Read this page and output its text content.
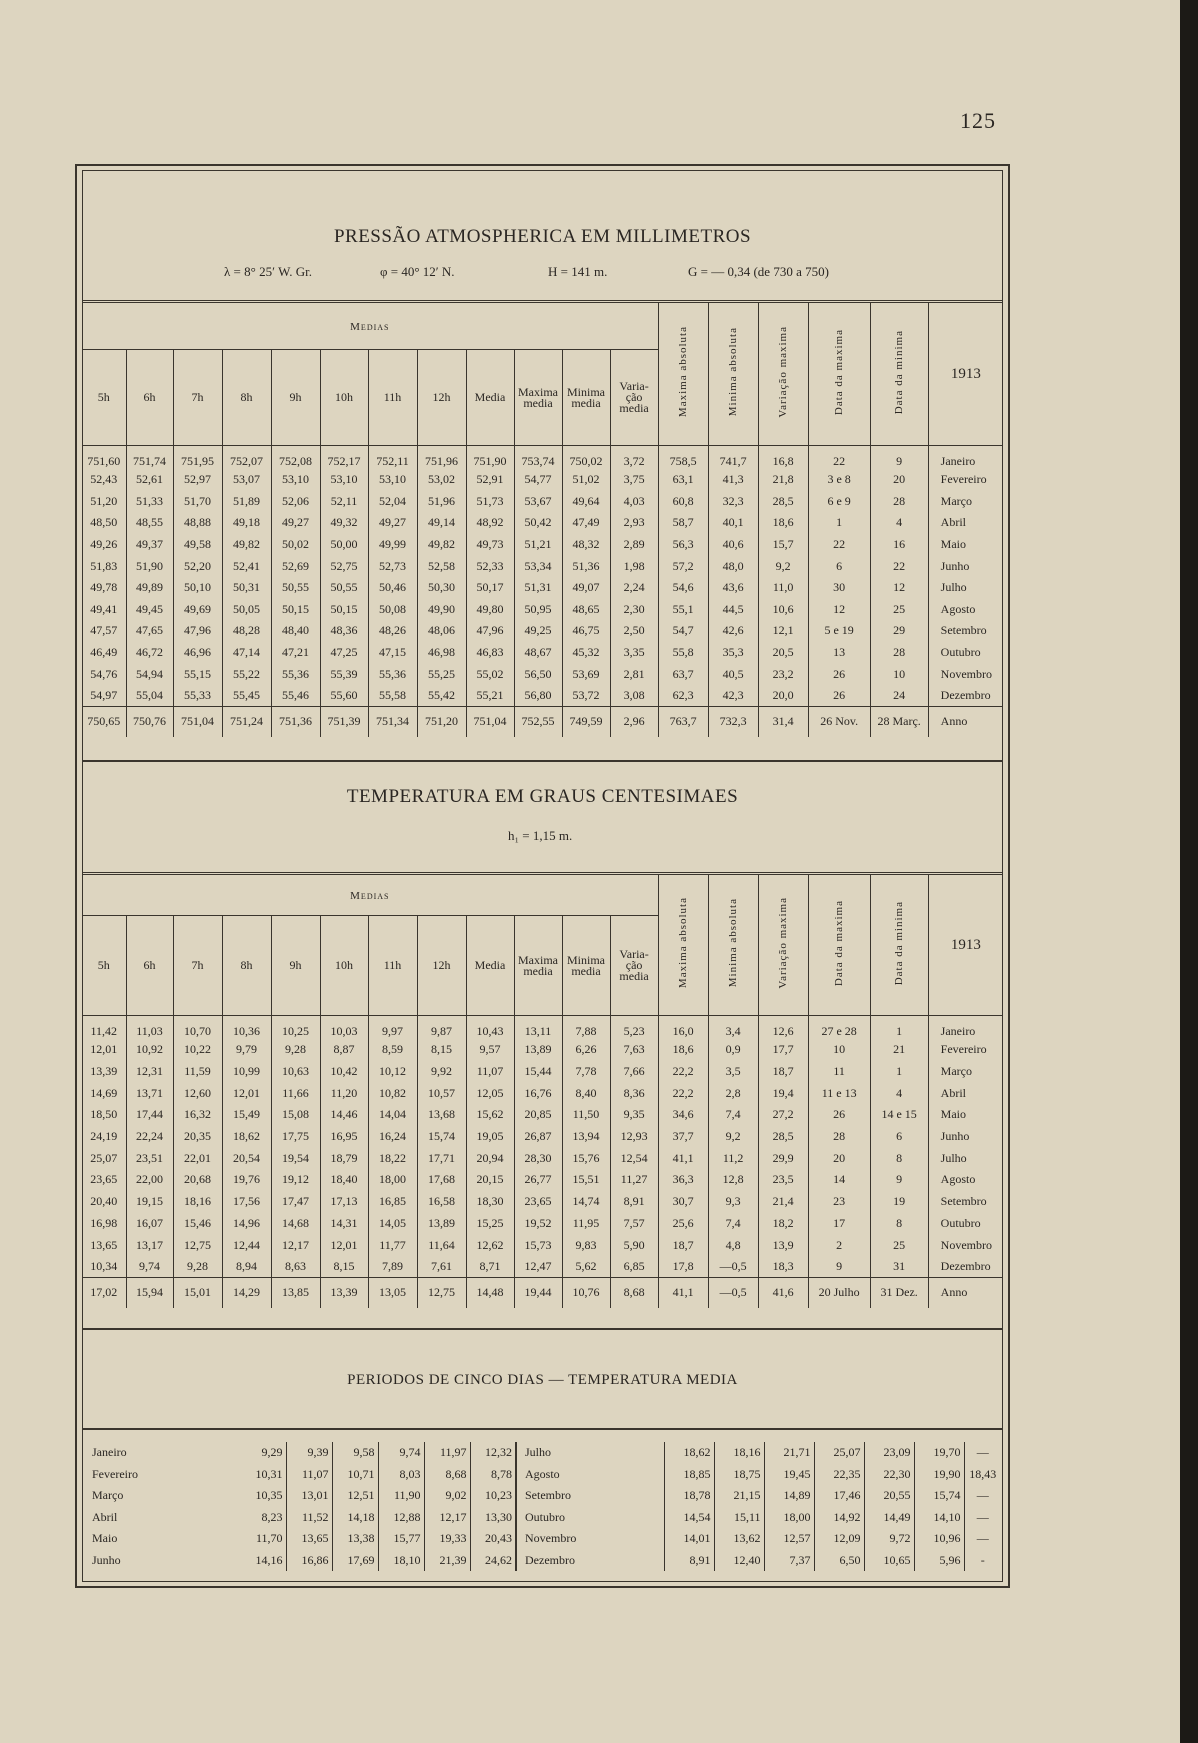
125
PRESSÃO ATMOSPHERICA EM MILLIMETROS
λ = 8° 25′ W. Gr.	φ = 40° 12′ N.	H = 141 m.	G = — 0,34 (de 730 a 750)
Medias												Maxima absoluta	Minima absoluta	Variação maxima	Data da maxima	Data da minima	1913
5h	6h	7h	8h	9h	10h	11h	12h	Media	Maxima media	Minima media	Varia- ção media						
751,60	751,74	751,95	752,07	752,08	752,17	752,11	751,96	751,90	753,74	750,02	3,72	758,5	741,7	16,8	22	9	Janeiro
52,43	52,61	52,97	53,07	53,10	53,10	53,10	53,02	52,91	54,77	51,02	3,75	63,1	41,3	21,8	3 e 8	20	Fevereiro
51,20	51,33	51,70	51,89	52,06	52,11	52,04	51,96	51,73	53,67	49,64	4,03	60,8	32,3	28,5	6 e 9	28	Março
48,50	48,55	48,88	49,18	49,27	49,32	49,27	49,14	48,92	50,42	47,49	2,93	58,7	40,1	18,6	1	4	Abril
49,26	49,37	49,58	49,82	50,02	50,00	49,99	49,82	49,73	51,21	48,32	2,89	56,3	40,6	15,7	22	16	Maio
51,83	51,90	52,20	52,41	52,69	52,75	52,73	52,58	52,33	53,34	51,36	1,98	57,2	48,0	9,2	6	22	Junho
49,78	49,89	50,10	50,31	50,55	50,55	50,46	50,30	50,17	51,31	49,07	2,24	54,6	43,6	11,0	30	12	Julho
49,41	49,45	49,69	50,05	50,15	50,15	50,08	49,90	49,80	50,95	48,65	2,30	55,1	44,5	10,6	12	25	Agosto
47,57	47,65	47,96	48,28	48,40	48,36	48,26	48,06	47,96	49,25	46,75	2,50	54,7	42,6	12,1	5 e 19	29	Setembro
46,49	46,72	46,96	47,14	47,21	47,25	47,15	46,98	46,83	48,67	45,32	3,35	55,8	35,3	20,5	13	28	Outubro
54,76	54,94	55,15	55,22	55,36	55,39	55,36	55,25	55,02	56,50	53,69	2,81	63,7	40,5	23,2	26	10	Novembro
54,97	55,04	55,33	55,45	55,46	55,60	55,58	55,42	55,21	56,80	53,72	3,08	62,3	42,3	20,0	26	24	Dezembro
750,65	750,76	751,04	751,24	751,36	751,39	751,34	751,20	751,04	752,55	749,59	2,96	763,7	732,3	31,4	26 Nov.	28 Març.	Anno
TEMPERATURA EM GRAUS CENTESIMAES
h₁ = 1,15 m.
Medias												Maxima absoluta	Minima absoluta	Variação maxima	Data da maxima	Data da minima	1913
5h	6h	7h	8h	9h	10h	11h	12h	Media	Maxima media	Minima media	Varia- ção media						
11,42	11,03	10,70	10,36	10,25	10,03	9,97	9,87	10,43	13,11	7,88	5,23	16,0	3,4	12,6	27 e 28	1	Janeiro
12,01	10,92	10,22	9,79	9,28	8,87	8,59	8,15	9,57	13,89	6,26	7,63	18,6	0,9	17,7	10	21	Fevereiro
13,39	12,31	11,59	10,99	10,63	10,42	10,12	9,92	11,07	15,44	7,78	7,66	22,2	3,5	18,7	11	1	Março
14,69	13,71	12,60	12,01	11,66	11,20	10,82	10,57	12,05	16,76	8,40	8,36	22,2	2,8	19,4	11 e 13	4	Abril
18,50	17,44	16,32	15,49	15,08	14,46	14,04	13,68	15,62	20,85	11,50	9,35	34,6	7,4	27,2	26	14 e 15	Maio
24,19	22,24	20,35	18,62	17,75	16,95	16,24	15,74	19,05	26,87	13,94	12,93	37,7	9,2	28,5	28	6	Junho
25,07	23,51	22,01	20,54	19,54	18,79	18,22	17,71	20,94	28,30	15,76	12,54	41,1	11,2	29,9	20	8	Julho
23,65	22,00	20,68	19,76	19,12	18,40	18,00	17,68	20,15	26,77	15,51	11,27	36,3	12,8	23,5	14	9	Agosto
20,40	19,15	18,16	17,56	17,47	17,13	16,85	16,58	18,30	23,65	14,74	8,91	30,7	9,3	21,4	23	19	Setembro
16,98	16,07	15,46	14,96	14,68	14,31	14,05	13,89	15,25	19,52	11,95	7,57	25,6	7,4	18,2	17	8	Outubro
13,65	13,17	12,75	12,44	12,17	12,01	11,77	11,64	12,62	15,73	9,83	5,90	18,7	4,8	13,9	2	25	Novembro
10,34	9,74	9,28	8,94	8,63	8,15	7,89	7,61	8,71	12,47	5,62	6,85	17,8	—0,5	18,3	9	31	Dezembro
17,02	15,94	15,01	14,29	13,85	13,39	13,05	12,75	14,48	19,44	10,76	8,68	41,1	—0,5	41,6	20 Julho	31 Dez.	Anno
PERIODOS DE CINCO DIAS — TEMPERATURA MEDIA
Janeiro	9,29	9,39	9,58	9,74	11,97	12,32	Julho	18,62	18,16	21,71	25,07	23,09	19,70	—
Fevereiro	10,31	11,07	10,71	8,03	8,68	8,78	Agosto	18,85	18,75	19,45	22,35	22,30	19,90	18,43
Março	10,35	13,01	12,51	11,90	9,02	10,23	Setembro	18,78	21,15	14,89	17,46	20,55	15,74	—
Abril	8,23	11,52	14,18	12,88	12,17	13,30	Outubro	14,54	15,11	18,00	14,92	14,49	14,10	—
Maio	11,70	13,65	13,38	15,77	19,33	20,43	Novembro	14,01	13,62	12,57	12,09	9,72	10,96	—
Junho	14,16	16,86	17,69	18,10	21,39	24,62	Dezembro	8,91	12,40	7,37	6,50	10,65	5,96	-
